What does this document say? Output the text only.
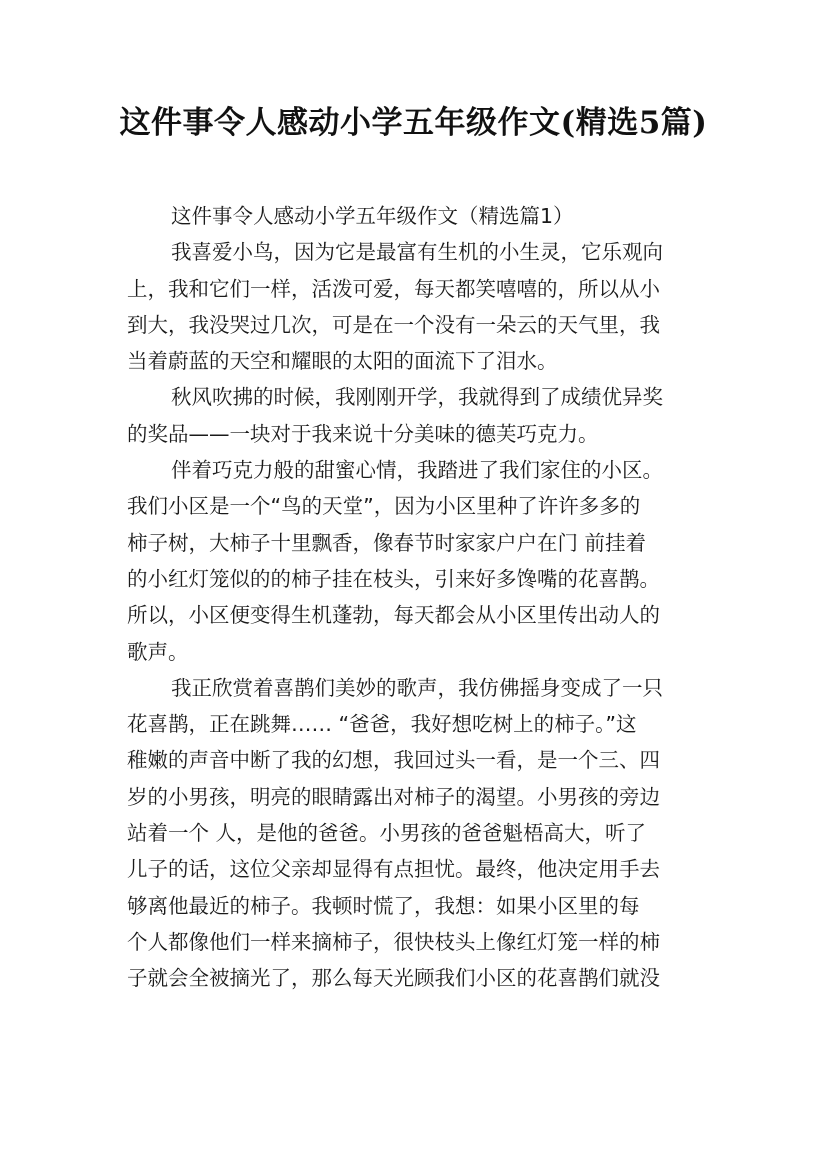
这件事令人感动小学五年级作文(精选5篇)
这件事令人感动小学五年级作文（精选篇1）
我喜爱小鸟，因为它是最富有生机的小生灵，它乐观向
上，我和它们一样，活泼可爱，每天都笑嘻嘻的，所以从小
到大，我没哭过几次，可是在一个没有一朵云的天气里，我
当着蔚蓝的天空和耀眼的太阳的面流下了泪水。
秋风吹拂的时候，我刚刚开学，我就得到了成绩优异奖
的奖品——一块对于我来说十分美味的德芙巧克力。
伴着巧克力般的甜蜜心情，我踏进了我们家住的小区。
我们小区是一个“鸟的天堂”，因为小区里种了许许多多的
柿子树，大柿子十里飘香，像春节时家家户户在门 前挂着
的小红灯笼似的的柿子挂在枝头，引来好多馋嘴的花喜鹊。
所以，小区便变得生机蓬勃，每天都会从小区里传出动人的
歌声。
我正欣赏着喜鹊们美妙的歌声，我仿佛摇身变成了一只
花喜鹊，正在跳舞…… “爸爸，我好想吃树上的柿子。”这
稚嫩的声音中断了我的幻想，我回过头一看，是一个三、四
岁的小男孩，明亮的眼睛露出对柿子的渴望。小男孩的旁边
站着一个 人，是他的爸爸。小男孩的爸爸魁梧高大，听了
儿子的话，这位父亲却显得有点担忧。最终，他决定用手去
够离他最近的柿子。我顿时慌了，我想：如果小区里的每
个人都像他们一样来摘柿子，很快枝头上像红灯笼一样的柿
子就会全被摘光了，那么每天光顾我们小区的花喜鹊们就没
